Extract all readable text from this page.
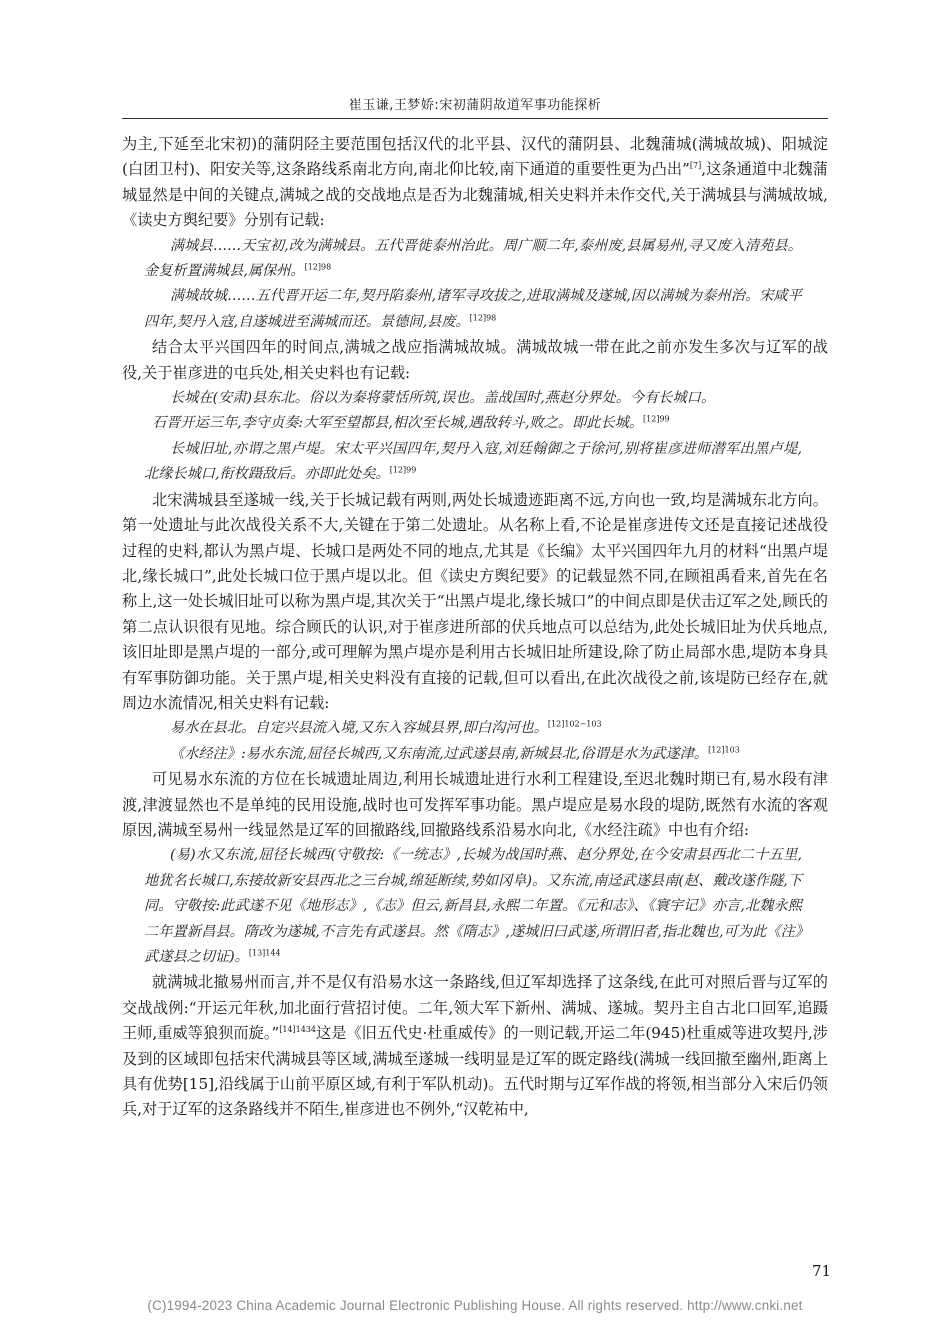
崔玉谦,王梦娇:宋初蒲阴故道军事功能探析

为主,下延至北宋初)的蒲阴陉主要范围包括汉代的北平县、汉代的蒲阴县、北魏蒲城(满城故城)、阳城淀(白团卫村)、阳安关等,这条路线系南北方向,南北仰比较,南下通道的重要性更为凸出”[7],这条通道中北魏蒲城显然是中间的关键点,满城之战的交战地点是否为北魏蒲城,相关史料并未作交代,关于满城县与满城故城,《读史方舆纪要》分别有记载:

满城县……天宝初,改为满城县。五代晋徙泰州治此。周广顺二年,泰州废,县属易州,寻又废入清苑县。金复析置满城县,属保州。$^{[12]98}$

满城故城……五代晋开运二年,契丹陷泰州,诸军寻攻拔之,进取满城及遂城,因以满城为泰州治。宋咸平四年,契丹入寇,自遂城进至满城而还。景德间,县废。$^{[12]98}$

结合太平兴国四年的时间点,满城之战应指满城故城。满城故城一带在此之前亦发生多次与辽军的战役,关于崔彦进的屯兵处,相关史料也有记载:

长城在(安肃)县东北。俗以为秦将蒙恬所筑,误也。盖战国时,燕赵分界处。今有长城口。

石晋开运三年,李守贞奏:大军至望都县,相次至长城,遇敌转斗,败之。即此长城。$^{[12]99}$

长城旧址,亦谓之黑卢堤。宋太平兴国四年,契丹入寇,刘廷翰御之于徐河,别将崔彦进师潜军出黑卢堤,北缘长城口,衔枚蹑敌后。亦即此处矣。$^{[12]99}$

北宋满城县至遂城一线,关于长城记载有两则,两处长城遗迹距离不远,方向也一致,均是满城东北方向。第一处遗址与此次战役关系不大,关键在于第二处遗址。从名称上看,不论是崔彦进传文还是直接记述战役过程的史料,都认为黑卢堤、长城口是两处不同的地点,尤其是《长编》太平兴国四年九月的材料“出黑卢堤北,缘长城口”,此处长城口位于黑卢堤以北。但《读史方舆纪要》的记载显然不同,在顾祖禹看来,首先在名称上,这一处长城旧址可以称为黑卢堤,其次关于“出黑卢堤北,缘长城口”的中间点即是伏击辽军之处,顾氏的第二点认识很有见地。综合顾氏的认识,对于崔彦进所部的伏兵地点可以总结为,此处长城旧址为伏兵地点,该旧址即是黑卢堤的一部分,或可理解为黑卢堤亦是利用古长城旧址所建设,除了防止局部水患,堤防本身具有军事防御功能。关于黑卢堤,相关史料没有直接的记载,但可以看出,在此次战役之前,该堤防已经存在,就周边水流情况,相关史料有记载:

易水在县北。自定兴县流入境,又东入容城县界,即白沟河也。$^{[12]102-103}$

《水经注》:易水东流,屈径长城西,又东南流,过武遂县南,新城县北,俗谓是水为武遂津。$^{[12]103}$

可见易水东流的方位在长城遗址周边,利用长城遗址进行水利工程建设,至迟北魏时期已有,易水段有津渡,津渡显然也不是单纯的民用设施,战时也可发挥军事功能。黑卢堤应是易水段的堤防,既然有水流的客观原因,满城至易州一线显然是辽军的回撤路线,回撤路线系沿易水向北,《水经注疏》中也有介绍:

(易)水又东流,屈径长城西(守敬按:《一统志》,长城为战国时燕、赵分界处,在今安肃县西北二十五里,地犹名长城口,东接故新安县西北之三台城,绵延断续,势如冈阜)。又东流,南迳武遂县南(赵、戴改遂作隧,下同。守敬按:此武遂不见《地形志》,《志》但云,新昌县,永熙二年置。《元和志》、《寰宇记》亦言,北魏永熙二年置新昌县。隋改为遂城,不言先有武遂县。然《隋志》,遂城旧曰武遂,所谓旧者,指北魏也,可为此《注》武遂县之切证)。$^{[13]144}$

就满城北撤易州而言,并不是仅有沿易水这一条路线,但辽军却选择了这条线,在此可对照后晋与辽军的交战战例:“开运元年秋,加北面行营招讨使。二年,领大军下新州、满城、遂城。契丹主自古北口回军,追蹑王师,重威等狼狈而旋。”$^{[14]1434}$这是《旧五代史·杜重威传》的一则记载,开运二年(945)杜重威等进攻契丹,涉及到的区域即包括宋代满城县等区域,满城至遂城一线明显是辽军的既定路线(满城一线回撤至幽州,距离上具有优势[15],沿线属于山前平原区域,有利于军队机动)。五代时期与辽军作战的将领,相当部分入宋后仍领兵,对于辽军的这条路线并不陌生,崔彦进也不例外,“汉乾祐中,

71
(C)1994-2023 China Academic Journal Electronic Publishing House. All rights reserved. http://www.cnki.net
